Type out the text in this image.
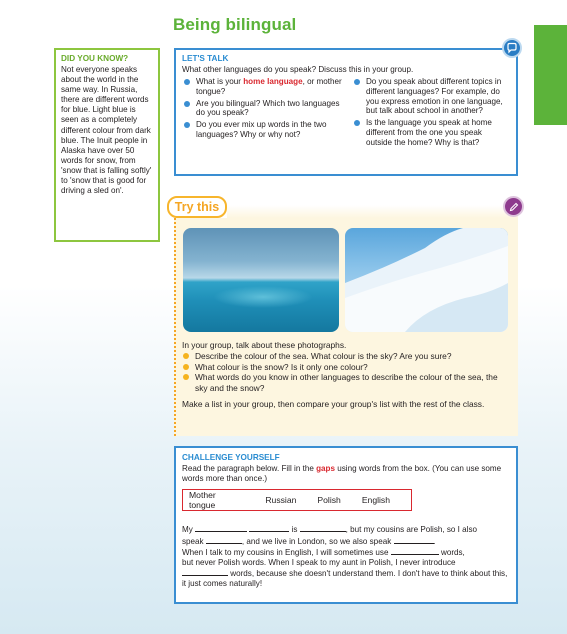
Being bilingual
DID YOU KNOW?

Not everyone speaks about the world in the same way. In Russia, there are different words for blue. Light blue is seen as a completely different colour from dark blue. The Inuit people in Alaska have over 50 words for snow, from 'snow that is falling softly' to 'snow that is good for driving a sled on'.

LET'S TALK

What other languages do you speak? Discuss this in your group.

What is your home language, or mother tongue?
Are you bilingual? Which two languages do you speak?
Do you ever mix up words in the two languages? Why or why not?
Do you speak about different topics in different languages? For example, do you express emotion in one language, but talk about school in another?
Is the language you speak at home different from the one you speak outside the home? Why is that?
Try this

In your group, talk about these photographs.

Describe the colour of the sea. What colour is the sky? Are you sure?
What colour is the snow? Is it only one colour?
What words do you know in other languages to describe the colour of the sea, the sky and the snow?

Make a list in your group, then compare your group's list with the rest of the class.

CHALLENGE YOURSELF

Read the paragraph below. Fill in the gaps using words from the box. (You can use some words more than once.)

Mother tongue	Russian Polish English

My	is	, but my cousins are Polish, so I also
speak	, and we live in London, so we also speak	.
When I talk to my cousins in English, I will sometimes use	words,
but never Polish words. When I speak to my aunt in Polish, I never introduce
words, because she doesn't understand them. I don't have to think about this, it just comes naturally!
